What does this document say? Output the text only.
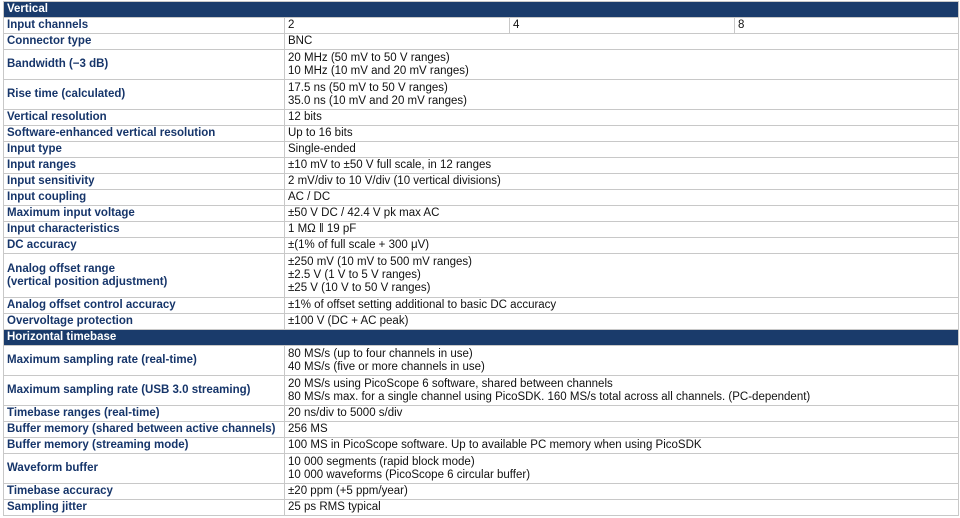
Vertical			
Input channels	2	4	8
Connector type	BNC		
Bandwidth (−3 dB)	20 MHz (50 mV to 50 V ranges)
10 MHz (10 mV and 20 mV ranges)		

Rise time (calculated)	17.5 ns (50 mV to 50 V ranges)
35.0 ns (10 mV and 20 mV ranges)		

Vertical resolution	12 bits		
Software-enhanced vertical resolution	Up to 16 bits		
Input type	Single-ended		
Input ranges	±10 mV to ±50 V full scale, in 12 ranges		
Input sensitivity	2 mV/div to 10 V/div (10 vertical divisions)		
Input coupling	AC / DC		
Maximum input voltage	±50 V DC / 42.4 V pk max AC		
Input characteristics	1 MΩ ‖ 19 pF		
DC accuracy	±(1% of full scale + 300 μV)		

Analog offset range
(vertical position adjustment)	±250 mV (10 mV to 500 mV ranges)
±2.5 V (1 V to 5 V ranges)
±25 V (10 V to 50 V ranges)		

Analog offset control accuracy	±1% of offset setting additional to basic DC accuracy		
Overvoltage protection	±100 V (DC + AC peak)		
Horizontal timebase			
Maximum sampling rate (real-time)	80 MS/s (up to four channels in use)
40 MS/s (five or more channels in use)		

Maximum sampling rate (USB 3.0 streaming)	20 MS/s using PicoScope 6 software, shared between channels
80 MS/s max. for a single channel using PicoSDK. 160 MS/s total across all channels. (PC-dependent)		

Timebase ranges (real-time)	20 ns/div to 5000 s/div		
Buffer memory (shared between active channels)	256 MS		
Buffer memory (streaming mode)	100 MS in PicoScope software. Up to available PC memory when using PicoSDK		
Waveform buffer	10 000 segments (rapid block mode)
10 000 waveforms (PicoScope 6 circular buffer)		

Timebase accuracy	±20 ppm (+5 ppm/year)		
Sampling jitter	25 ps RMS typical		
